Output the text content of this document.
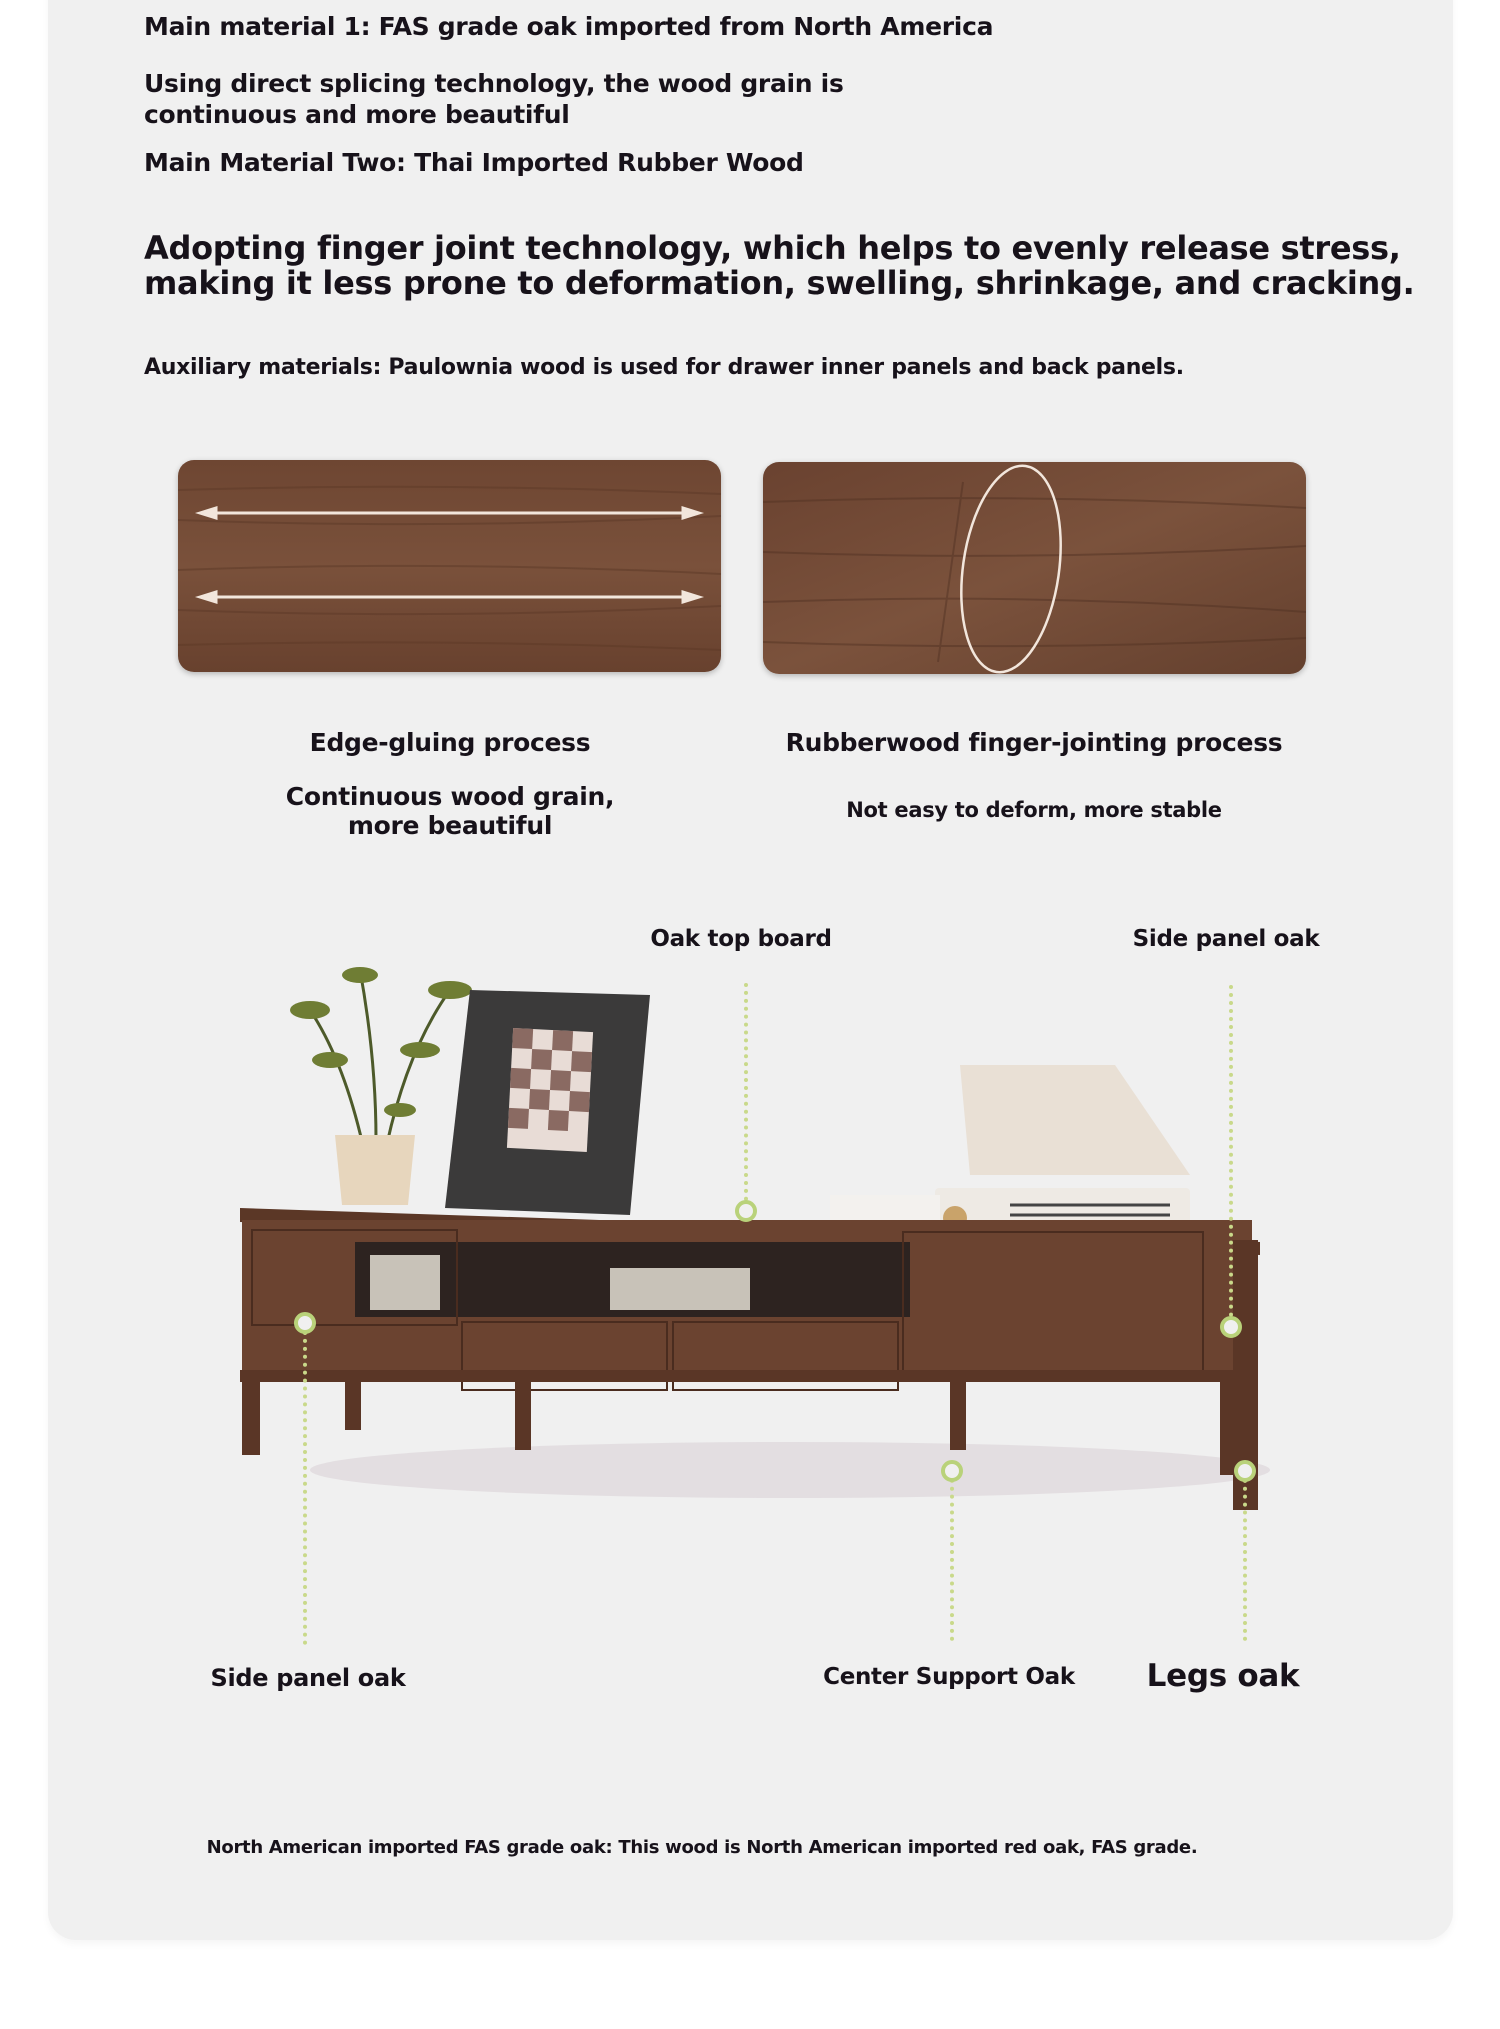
Main material 1: FAS grade oak imported from North America
Using direct splicing technology, the wood grain is
continuous and more beautiful
Main Material Two: Thai Imported Rubber Wood
Adopting finger joint technology, which helps to evenly release stress,
making it less prone to deformation, swelling, shrinkage, and cracking.
Auxiliary materials: Paulownia wood is used for drawer inner panels and back panels.
Edge-gluing process
Continuous wood grain,
more beautiful
Rubberwood finger-jointing process
Not easy to deform, more stable
Oak top board	Side panel oak
Side panel oak	Center Support Oak Legs oak
North American imported FAS grade oak: This wood is North American imported red oak, FAS grade.
